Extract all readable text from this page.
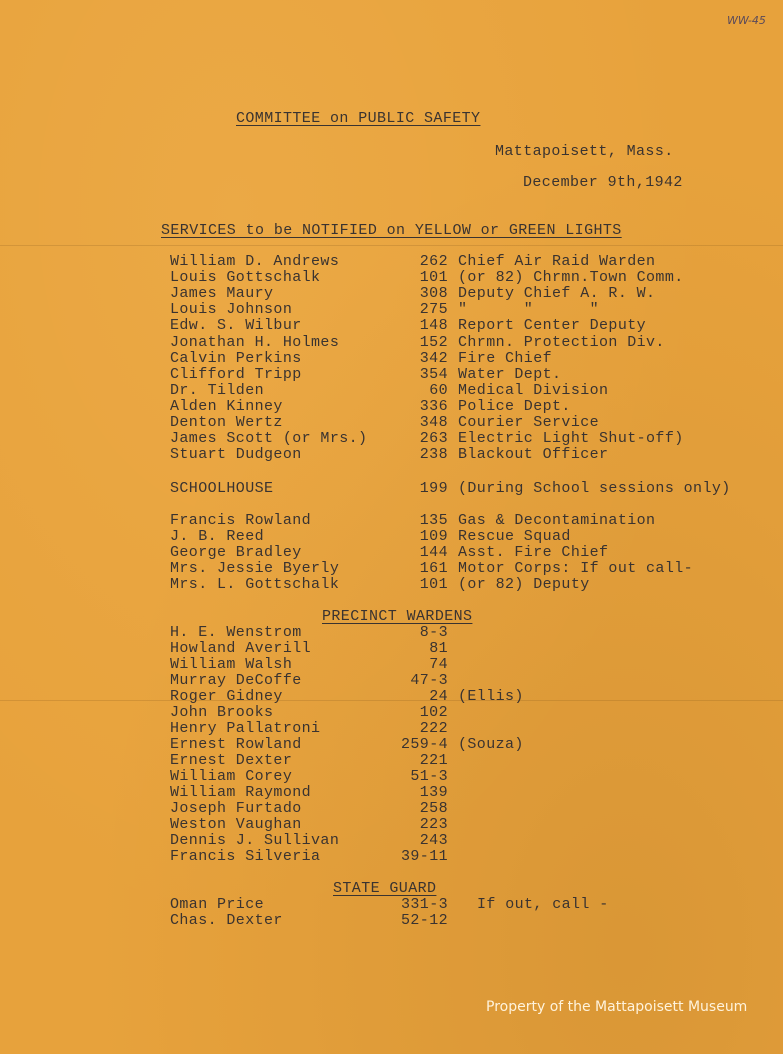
WW-45
COMMITTEE on PUBLIC SAFETY
Mattapoisett, Mass.
December 9th,1942
SERVICES to be NOTIFIED on YELLOW or GREEN LIGHTS
William D. Andrews	262 Chief Air Raid Warden
Louis Gottschalk	101 (or 82) Chrmn.Town Comm.
James Maury	308 Deputy Chief A. R. W.
Louis Johnson	275 "      "      "
Edw. S. Wilbur	148 Report Center Deputy
Jonathan H. Holmes	152 Chrmn. Protection Div.
Calvin Perkins	342 Fire Chief
Clifford Tripp	354 Water Dept.
Dr. Tilden	60 Medical Division
Alden Kinney	336 Police Dept.
Denton Wertz	348 Courier Service
James Scott (or Mrs.)	263 Electric Light Shut-off)
Stuart Dudgeon	238 Blackout Officer
SCHOOLHOUSE	199 (During School sessions only)
Francis Rowland	135 Gas & Decontamination
J. B. Reed	109 Rescue Squad
George Bradley	144 Asst. Fire Chief
Mrs. Jessie Byerly	161 Motor Corps: If out call-
Mrs. L. Gottschalk	101 (or 82) Deputy
PRECINCT WARDENS
H. E. Wenstrom	8-3
Howland Averill	81
William Walsh	74
Murray DeCoffe	47-3
Roger Gidney	24 (Ellis)
John Brooks	102
Henry Pallatroni	222
Ernest Rowland	259-4 (Souza)
Ernest Dexter	221
William Corey	51-3
William Raymond	139
Joseph Furtado	258
Weston Vaughan	223
Dennis J. Sullivan	243
Francis Silveria	39-11
STATE GUARD
Oman Price	331-3 If out, call -
Chas. Dexter	52-12
Property of the Mattapoisett Museum
